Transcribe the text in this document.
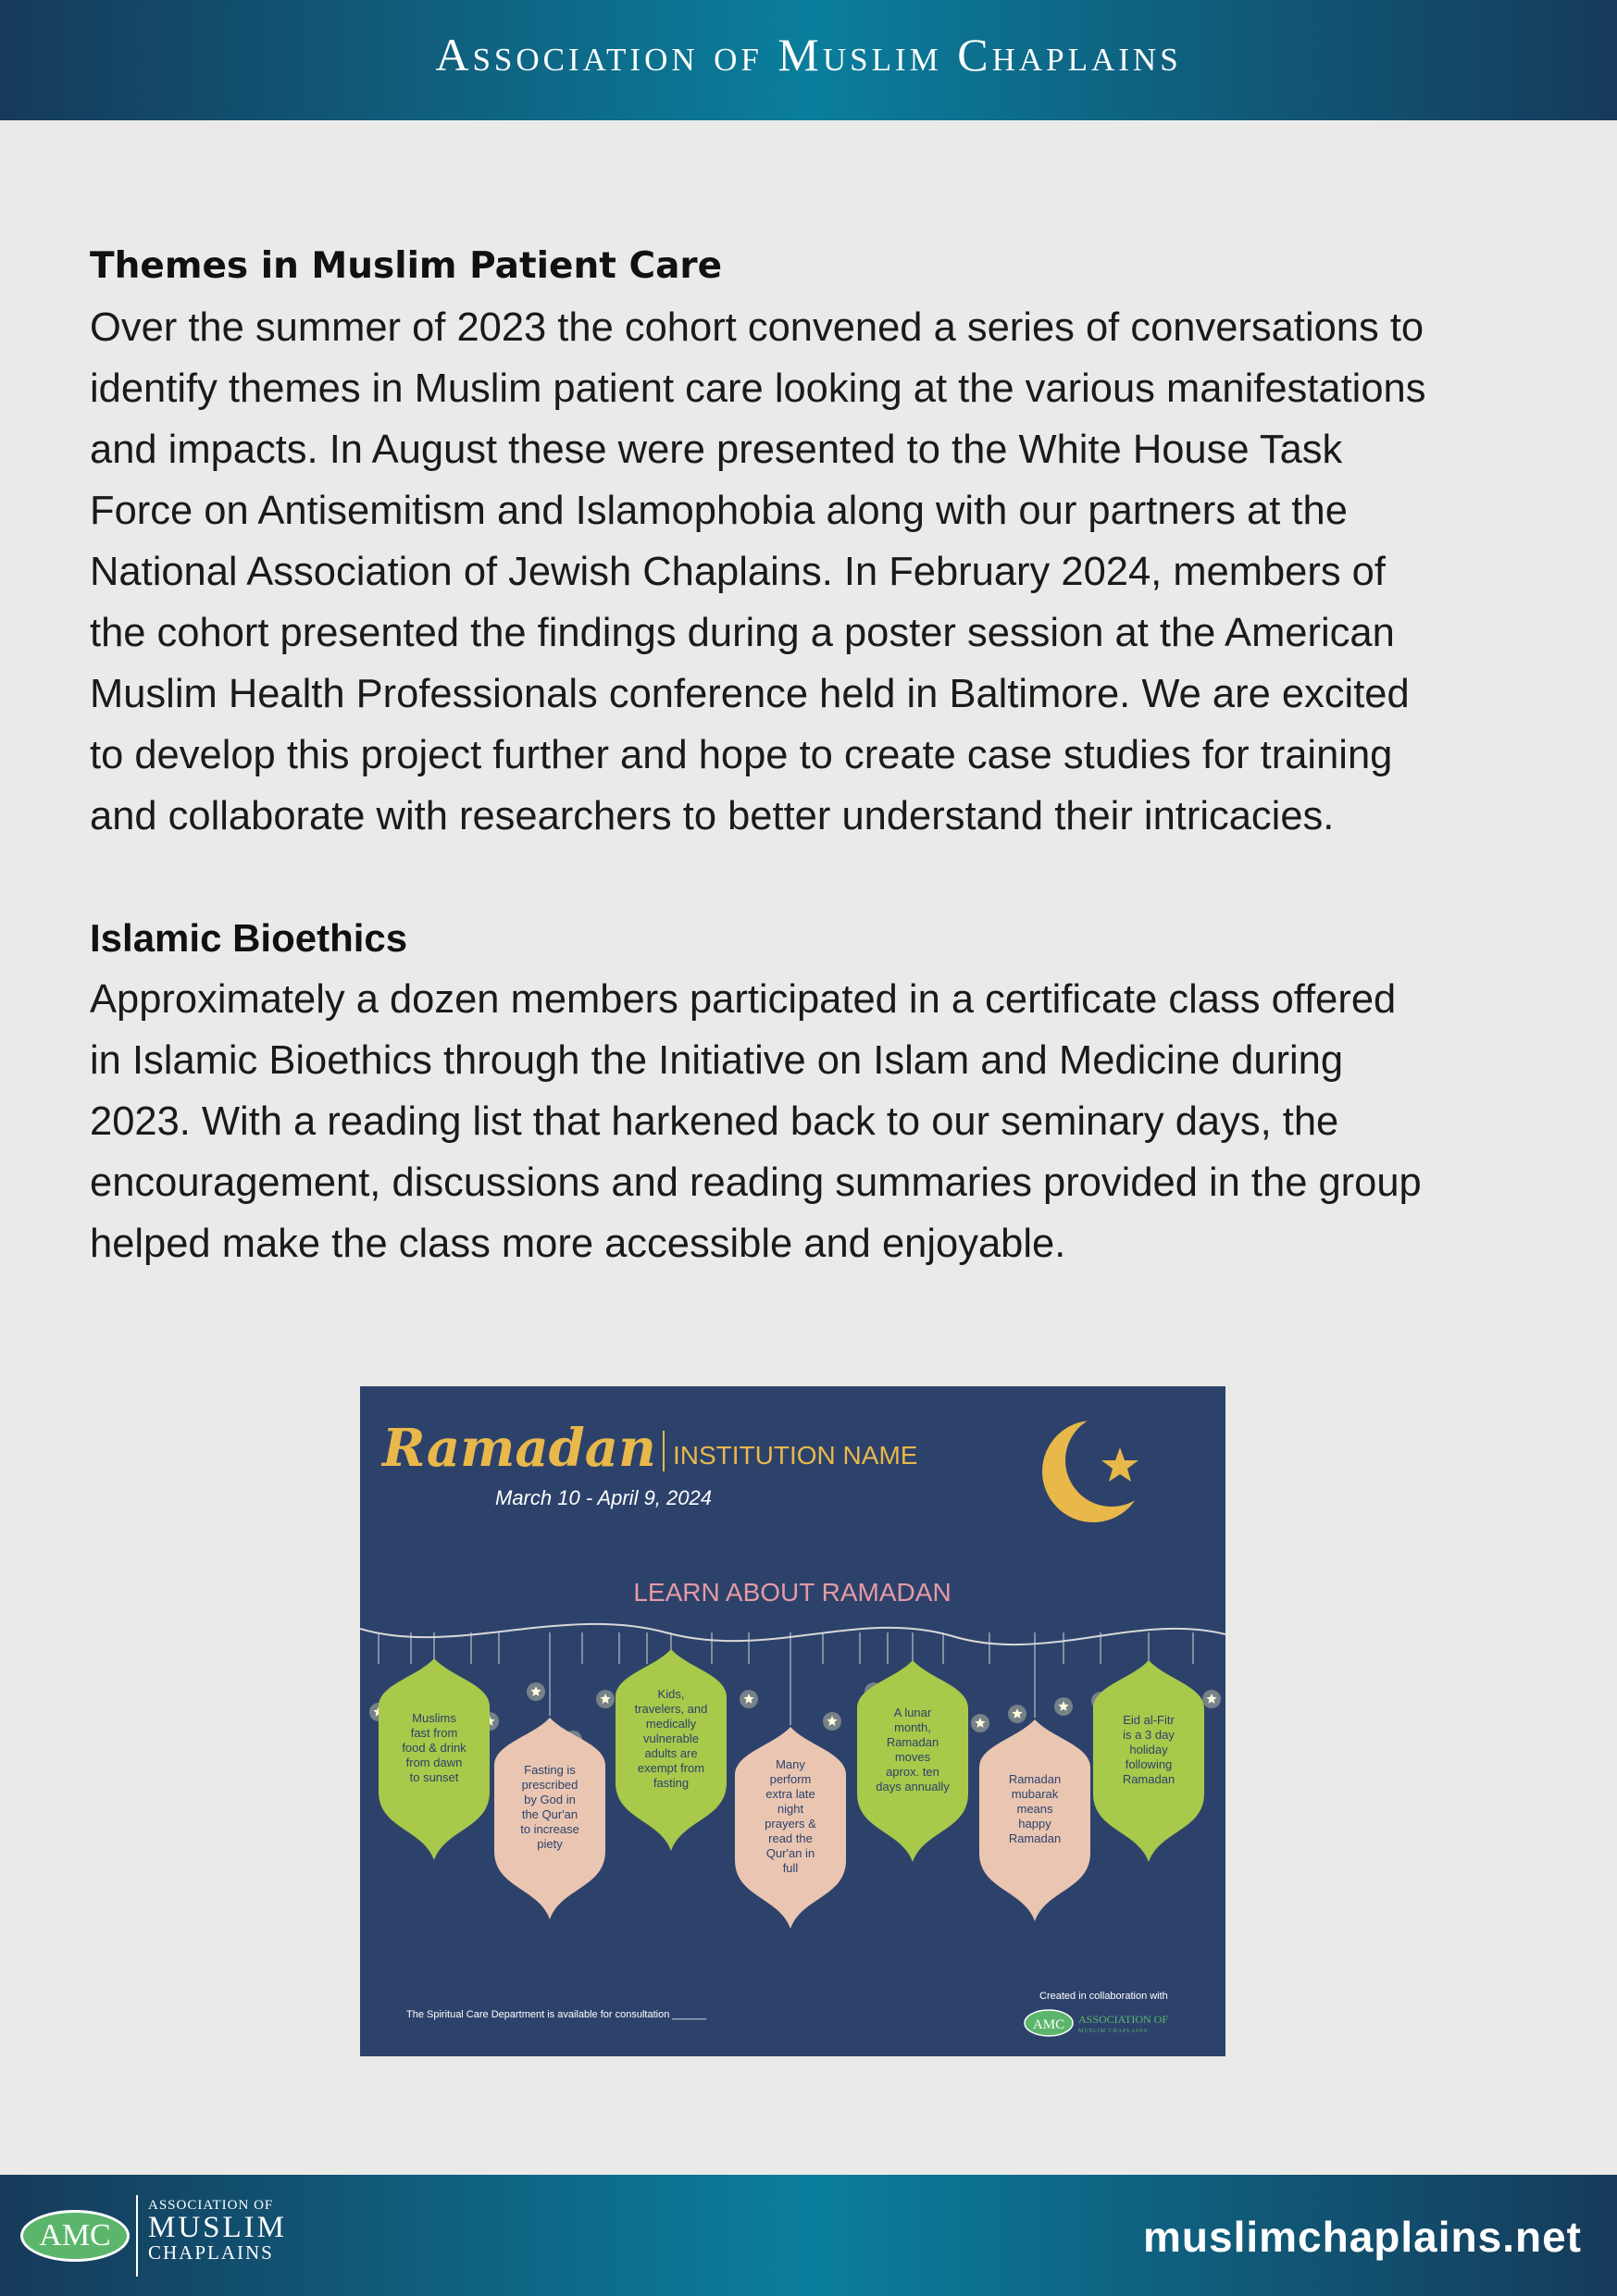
Association of Muslim Chaplains
Themes in Muslim Patient Care
Over the summer of 2023 the cohort convened a series of conversations to
identify themes in Muslim patient care looking at the various manifestations
and impacts. In August these were presented to the White House Task
Force on Antisemitism and Islamophobia along with our partners at the
National Association of Jewish Chaplains. In February 2024, members of
the cohort presented the findings during a poster session at the American
Muslim Health Professionals conference held in Baltimore. We are excited
to develop this project further and hope to create case studies for training
and collaborate with researchers to better understand their intricacies.
Islamic Bioethics
Approximately a dozen members participated in a certificate class offered
in Islamic Bioethics through the Initiative on Islam and Medicine during
2023. With a reading list that harkened back to our seminary days, the
encouragement, discussions and reading summaries provided in the group
helped make the class more accessible and enjoyable.
Ramadan INSTITUTION NAME
March 10 - April 9, 2024
LEARN ABOUT RAMADAN
Muslims
fast from
food & drink
from dawn
to sunset
Fasting is
prescribed
by God in
the Qur'an
to increase
piety
Kids,
travelers, and
medically
vulnerable
adults are
exempt from
fasting
Many
perform
extra late
night
prayers &
read the
Qur'an in
full
A lunar
month,
Ramadan
moves
aprox. ten
days annually
Ramadan
mubarak
means
happy
Ramadan
Eid al-Fitr
is a 3 day
holiday
following
Ramadan
The Spiritual Care Department is available for consultation ______
Created in collaboration with
AMC ASSOCIATION OF
MUSLIM CHAPLAINS
AMC
ASSOCIATION OF
MUSLIM
CHAPLAINS	muslimchaplains.net
